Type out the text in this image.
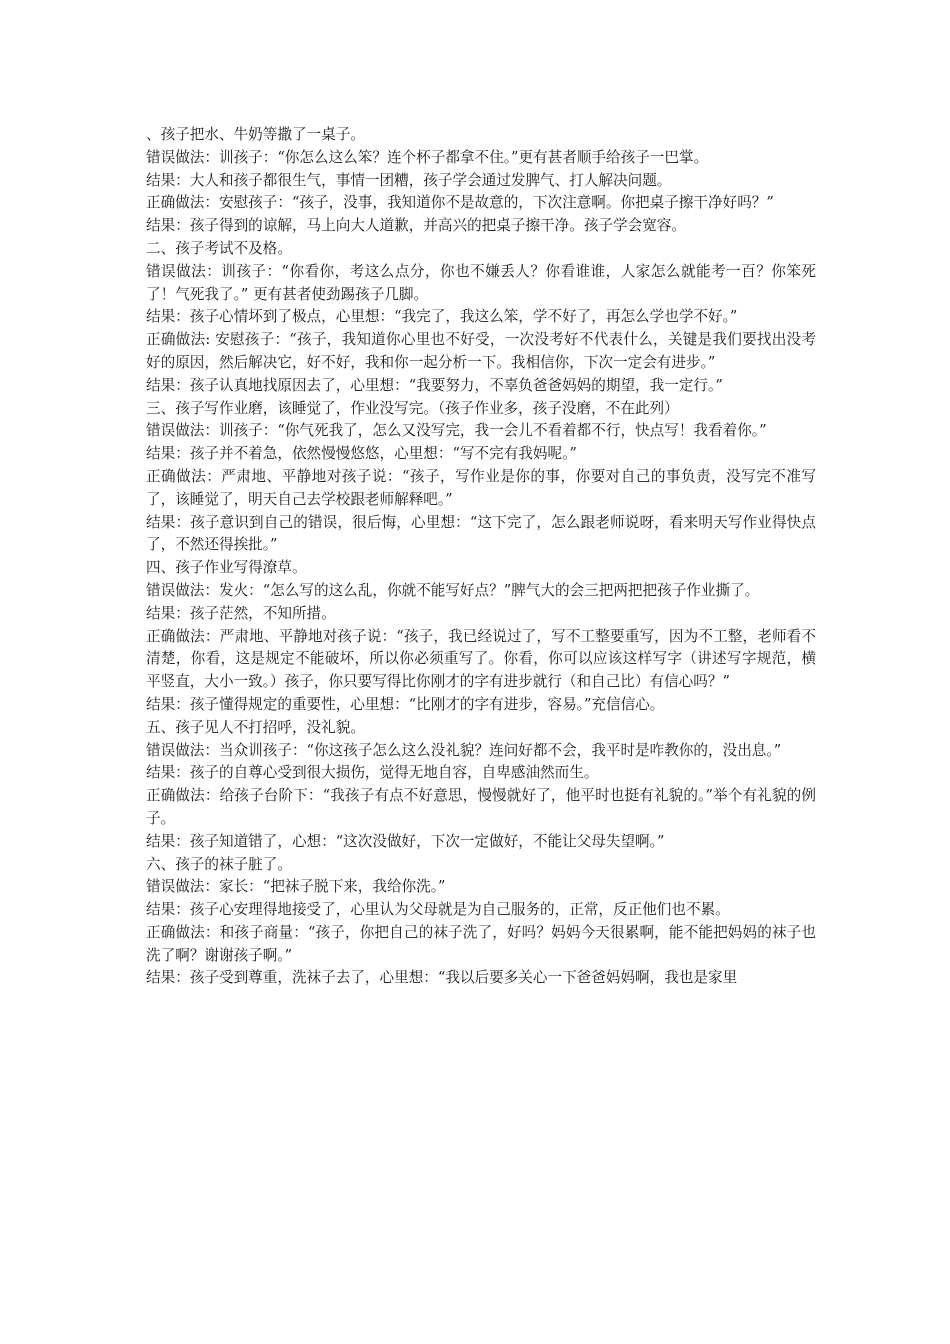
、孩子把水、牛奶等撒了一桌子。

错误做法：训孩子：“你怎么这么笨？连个杯子都拿不住。”更有甚者顺手给孩子一巴掌。

结果：大人和孩子都很生气，事情一团糟，孩子学会通过发脾气、打人解决问题。

正确做法：安慰孩子：“孩子，没事，我知道你不是故意的，下次注意啊。你把桌子擦干净好吗？”

结果：孩子得到的谅解，马上向大人道歉，并高兴的把桌子擦干净。孩子学会宽容。

二、孩子考试不及格。

错误做法：训孩子：“你看你，考这么点分，你也不嫌丢人？你看谁谁，人家怎么就能考一百？你笨死了！气死我了。” 更有甚者使劲踢孩子几脚。

结果：孩子心情坏到了极点，心里想：“我完了，我这么笨，学不好了，再怎么学也学不好。”

正确做法: 安慰孩子：“孩子，我知道你心里也不好受，一次没考好不代表什么，关键是我们要找出没考好的原因，然后解决它，好不好，我和你一起分析一下。我相信你，下次一定会有进步。”

结果：孩子认真地找原因去了，心里想：“我要努力，不辜负爸爸妈妈的期望，我一定行。”

三、孩子写作业磨，该睡觉了，作业没写完。（孩子作业多，孩子没磨，不在此列）

错误做法：训孩子：“你气死我了，怎么又没写完，我一会儿不看着都不行，快点写！我看着你。”

结果：孩子并不着急，依然慢慢悠悠，心里想：“写不完有我妈呢。”

正确做法：严肃地、平静地对孩子说：“孩子，写作业是你的事，你要对自己的事负责，没写完不准写了，该睡觉了，明天自己去学校跟老师解释吧。”

结果：孩子意识到自己的错误，很后悔，心里想：“这下完了，怎么跟老师说呀，看来明天写作业得快点了，不然还得挨批。”

四、孩子作业写得潦草。

错误做法：发火：“怎么写的这么乱，你就不能写好点？”脾气大的会三把两把把孩子作业撕了。

结果：孩子茫然，不知所措。

正确做法：严肃地、平静地对孩子说：“孩子，我已经说过了，写不工整要重写，因为不工整，老师看不清楚，你看，这是规定不能破坏，所以你必须重写了。你看，你可以应该这样写字（讲述写字规范，横平竖直，大小一致。）孩子，你只要写得比你刚才的字有进步就行（和自己比）有信心吗？”

结果：孩子懂得规定的重要性，心里想：“比刚才的字有进步，容易。”充信信心。

五、孩子见人不打招呼，没礼貌。

错误做法：当众训孩子：“你这孩子怎么这么没礼貌？连问好都不会，我平时是咋教你的，没出息。”

结果：孩子的自尊心受到很大损伤，觉得无地自容，自卑感油然而生。

正确做法：给孩子台阶下：“我孩子有点不好意思，慢慢就好了，他平时也挺有礼貌的。”举个有礼貌的例子。

结果：孩子知道错了，心想：“这次没做好，下次一定做好，不能让父母失望啊。”

六、孩子的袜子脏了。

错误做法：家长：“把袜子脱下来，我给你洗。”

结果：孩子心安理得地接受了，心里认为父母就是为自己服务的，正常，反正他们也不累。

正确做法：和孩子商量：“孩子，你把自己的袜子洗了，好吗？妈妈今天很累啊，能不能把妈妈的袜子也洗了啊？谢谢孩子啊。”

结果：孩子受到尊重，洗袜子去了，心里想：“我以后要多关心一下爸爸妈妈啊，我也是家里
